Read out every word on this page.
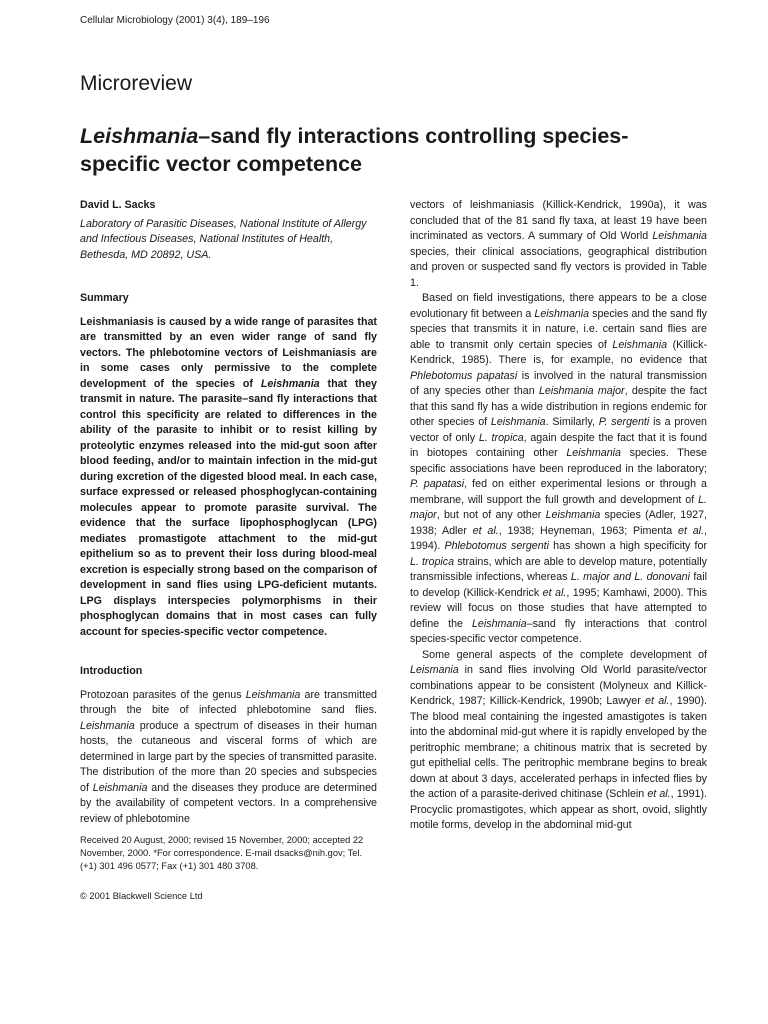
Cellular Microbiology (2001) 3(4), 189–196
Microreview
Leishmania–sand fly interactions controlling species-specific vector competence

David L. Sacks

Laboratory of Parasitic Diseases, National Institute of Allergy and Infectious Diseases, National Institutes of Health, Bethesda, MD 20892, USA.

Summary

Leishmaniasis is caused by a wide range of parasites that are transmitted by an even wider range of sand fly vectors. The phlebotomine vectors of Leishmaniasis are in some cases only permissive to the complete development of the species of Leishmania that they transmit in nature. The parasite–sand fly interactions that control this specificity are related to differences in the ability of the parasite to inhibit or to resist killing by proteolytic enzymes released into the mid-gut soon after blood feeding, and/or to maintain infection in the mid-gut during excretion of the digested blood meal. In each case, surface expressed or released phosphoglycan-containing molecules appear to promote parasite survival. The evidence that the surface lipophosphoglycan (LPG) mediates promastigote attachment to the mid-gut epithelium so as to prevent their loss during blood-meal excretion is especially strong based on the comparison of development in sand flies using LPG-deficient mutants. LPG displays interspecies polymorphisms in their phosphoglycan domains that in most cases can fully account for species-specific vector competence.

Introduction

Protozoan parasites of the genus Leishmania are transmitted through the bite of infected phlebotomine sand flies. Leishmania produce a spectrum of diseases in their human hosts, the cutaneous and visceral forms of which are determined in large part by the species of transmitted parasite. The distribution of the more than 20 species and subspecies of Leishmania and the diseases they produce are determined by the availability of competent vectors. In a comprehensive review of phlebotomine

Received 20 August, 2000; revised 15 November, 2000; accepted 22 November, 2000. *For correspondence. E-mail dsacks@nih.gov; Tel. (+1) 301 496 0577; Fax (+1) 301 480 3708.

© 2001 Blackwell Science Ltd

vectors of leishmaniasis (Killick-Kendrick, 1990a), it was concluded that of the 81 sand fly taxa, at least 19 have been incriminated as vectors. A summary of Old World Leishmania species, their clinical associations, geographical distribution and proven or suspected sand fly vectors is provided in Table 1.

Based on field investigations, there appears to be a close evolutionary fit between a Leishmania species and the sand fly species that transmits it in nature, i.e. certain sand flies are able to transmit only certain species of Leishmania (Killick-Kendrick, 1985). There is, for example, no evidence that Phlebotomus papatasi is involved in the natural transmission of any species other than Leishmania major, despite the fact that this sand fly has a wide distribution in regions endemic for other species of Leishmania. Similarly, P. sergenti is a proven vector of only L. tropica, again despite the fact that it is found in biotopes containing other Leishmania species. These specific associations have been reproduced in the laboratory; P. papatasi, fed on either experimental lesions or through a membrane, will support the full growth and development of L. major, but not of any other Leishmania species (Adler, 1927, 1938; Adler et al., 1938; Heyneman, 1963; Pimenta et al., 1994). Phlebotomus sergenti has shown a high specificity for L. tropica strains, which are able to develop mature, potentially transmissible infections, whereas L. major and L. donovani fail to develop (Killick-Kendrick et al., 1995; Kamhawi, 2000). This review will focus on those studies that have attempted to define the Leishmania–sand fly interactions that control species-specific vector competence.

Some general aspects of the complete development of Leismania in sand flies involving Old World parasite/vector combinations appear to be consistent (Molyneux and Killick-Kendrick, 1987; Killick-Kendrick, 1990b; Lawyer et al., 1990). The blood meal containing the ingested amastigotes is taken into the abdominal mid-gut where it is rapidly enveloped by the peritrophic membrane; a chitinous matrix that is secreted by gut epithelial cells. The peritrophic membrane begins to break down at about 3 days, accelerated perhaps in infected flies by the action of a parasite-derived chitinase (Schlein et al., 1991). Procyclic promastigotes, which appear as short, ovoid, slightly motile forms, develop in the abdominal mid-gut
